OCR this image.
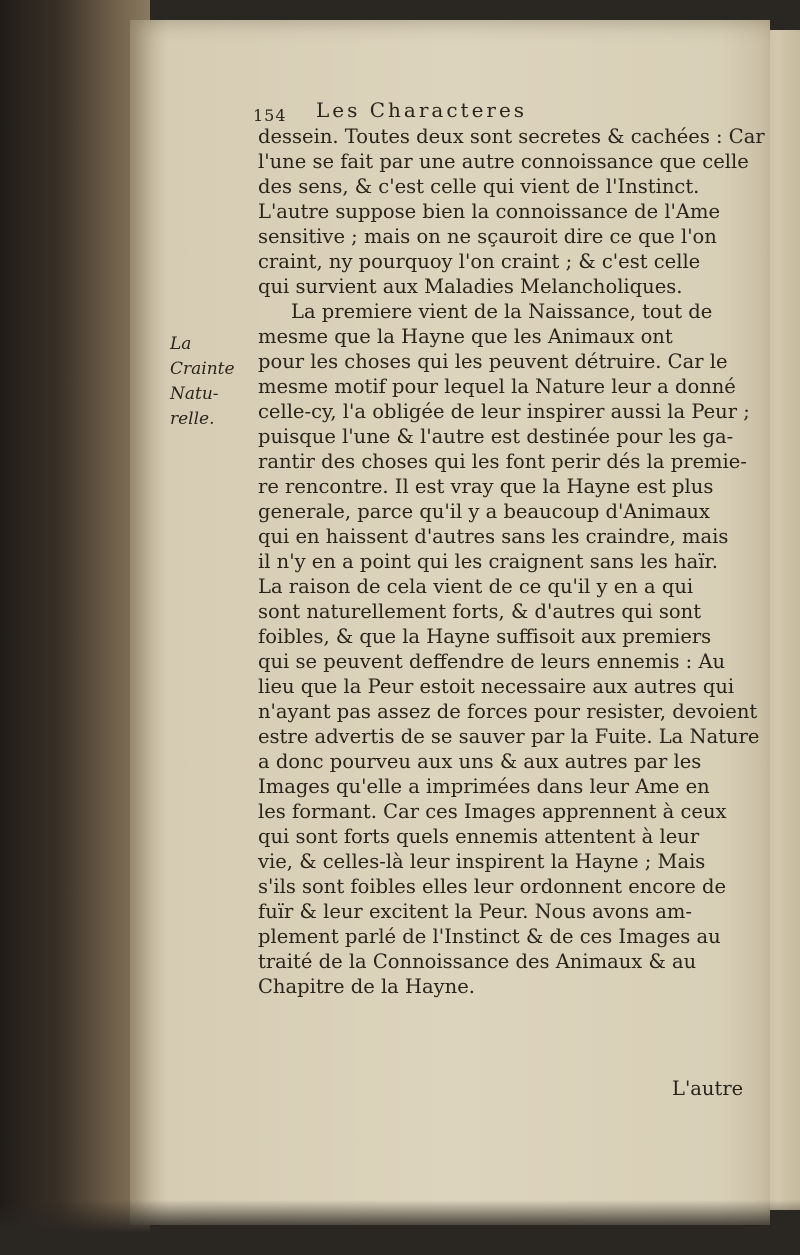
154 Les Characteres
La
Crainte
Natu-
relle.
dessein. Toutes deux sont secretes & cachées : Car
l'une se fait par une autre connoissance que celle
des sens, & c'est celle qui vient de l'Instinct.
L'autre suppose bien la connoissance de l'Ame
sensitive ; mais on ne sçauroit dire ce que l'on
craint, ny pourquoy l'on craint ; & c'est celle
qui survient aux Maladies Melancholiques.
La premiere vient de la Naissance, tout de
mesme que la Hayne que les Animaux ont
pour les choses qui les peuvent détruire. Car le
mesme motif pour lequel la Nature leur a donné
celle-cy, l'a obligée de leur inspirer aussi la Peur ;
puisque l'une & l'autre est destinée pour les ga-
rantir des choses qui les font perir dés la premie-
re rencontre. Il est vray que la Hayne est plus
generale, parce qu'il y a beaucoup d'Animaux
qui en haissent d'autres sans les craindre, mais
il n'y en a point qui les craignent sans les haïr.
La raison de cela vient de ce qu'il y en a qui
sont naturellement forts, & d'autres qui sont
foibles, & que la Hayne suffisoit aux premiers
qui se peuvent deffendre de leurs ennemis : Au
lieu que la Peur estoit necessaire aux autres qui
n'ayant pas assez de forces pour resister, devoient
estre advertis de se sauver par la Fuite. La Nature
a donc pourveu aux uns & aux autres par les
Images qu'elle a imprimées dans leur Ame en
les formant. Car ces Images apprennent à ceux
qui sont forts quels ennemis attentent à leur
vie, & celles-là leur inspirent la Hayne ; Mais
s'ils sont foibles elles leur ordonnent encore de
fuïr & leur excitent la Peur. Nous avons am-
plement parlé de l'Instinct & de ces Images au
traité de la Connoissance des Animaux & au
Chapitre de la Hayne.
L'autre
